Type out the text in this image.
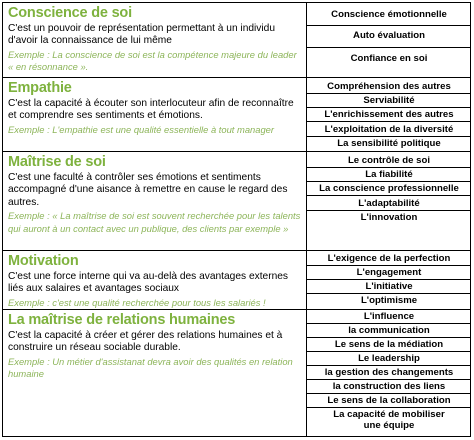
Conscience de soi
C'est un pouvoir de représentation permettant à un individu d'avoir la connaissance de lui même
Exemple : La conscience de soi est la compétence majeure du leader « en résonnance ».
Conscience émotionnelle
Auto évaluation
Confiance en soi
Empathie
C'est la capacité à écouter son interlocuteur afin de reconnaître et comprendre ses sentiments et émotions.
Exemple : L'empathie est une qualité essentielle à tout manager
Compréhension des autres
Serviabilité
L'enrichissement des autres
L'exploitation de la diversité
La sensibilité politique
Maîtrise de soi
C'est une faculté à contrôler ses émotions et sentiments accompagné d'une aisance à remettre en cause le regard des autres.
Exemple : « La maîtrise de soi est souvent recherchée pour les talents qui auront à un contact avec un publique, des clients par exemple »
Le contrôle de soi
La fiabilité
La conscience professionnelle
L'adaptabilité
L'innovation
Motivation
C'est une force interne qui va au-delà des avantages externes liés aux salaires et avantages sociaux
Exemple : c'est une qualité recherchée pour tous les salariés !
L'exigence de la perfection
L'engagement
L'initiative
L'optimisme
La maîtrise de relations humaines
C'est la capacité à créer et gérer des relations humaines et à construire un réseau sociable durable.
Exemple : Un métier d'assistanat devra avoir des qualités en relation humaine
L'influence
la communication
Le sens de la médiation
Le leadership
la gestion des changements
la construction des liens
Le sens de la collaboration
La capacité de mobiliser une équipe
